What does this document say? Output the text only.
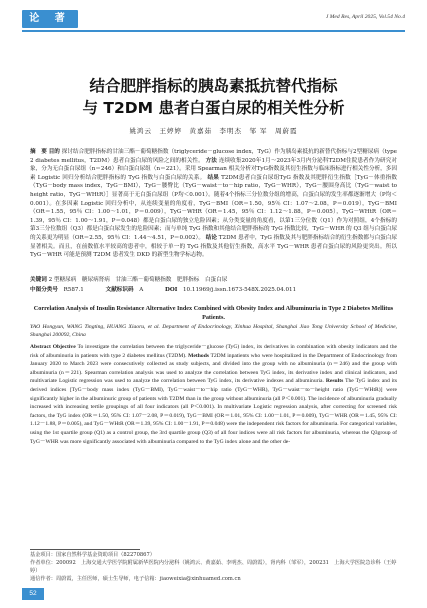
论 著	J Med Res, April 2025, Vol.54 No.4
结合肥胖指标的胰岛素抵抗替代指标
与 T2DM 患者白蛋白尿的相关性分析
姚鸿云　王婷婷　黄嘉茹　李明杰　邹 军　周蔚霞
摘　要 目的 探讨结合肥胖指标的甘油三酯－葡萄糖指数（triglyceride－glucose index，TyG）作为胰岛素抵抗的新替代指标与2型糖尿病（type 2 diabetes mellitus，T2DM）患者白蛋白尿的风险之间的相关性。 方法 连续收集2020年1月～2023年3月内分泌科T2DM住院患者作为研究对象，分为无白蛋白尿组（n＝246）和白蛋白尿组（n＝221）。采用 Spearman 相关分析对TyG指数及其衍生指数与临床指标进行相关性分析，多因素 Logistic 回归分析结合肥胖指标的 TyG 指数与白蛋白尿的关系。 结果 T2DM患者白蛋白尿组TyG 指数及其肥胖衍生指数［TyG－体重指数（TyG－body mass index，TyG－BMI），TyG－腰臀比（TyG－waist－to－hip ratio，TyG－WHR），TyG－腰围身高比（TyG－waist to height ratio，TyG－WHtR）］显著高于无白蛋白尿组（P均＜0.001）。随着4个指标三分位数分组的增高，白蛋白尿的发生率都逐渐增大（P均＜0.001）。在多因素 Logistic 回归分析中，从连续变量的角度看，TyG－BMI（OR＝1.50，95％ CI：1.07～2.08，P＝0.019），TyG－BMI（OR＝1.55，95％ CI：1.00～1.01，P＝0.009），TyG－WHR（OR＝1.45，95％ CI：1.12～1.88，P＝0.005），TyG－WHtR（OR＝1.39，95％ CI：1.00～1.91，P＝0.048）都是白蛋白尿的独立危险因素；从分类变量的角度看，以第1三分位数（Q1）作为对照组，4个指标的第3三分位数组（Q3）都是白蛋白尿发生的危险因素；而与单纯 TyG 指数和其他结合肥胖指标的 TyG 指数比较，TyG－WHR 的 Q3 组与白蛋白尿的关系更为明显（OR＝2.55，95％ CI：1.44～4.51，P＝0.002）。 结论 T2DM 患者中，TyG 指数及其与肥胖指标结合的衍生指数都与白蛋白尿显著相关。而且，在前数值水平较高的患者中，相较于单一的 TyG 指数及其他衍生指数，高水平 TyG－WHR 患者白蛋白尿的风险更突出。所以 TyG－WHR 可能是预测 T2DM 患者发生 DKD 的新型生物学标志物。
关键词 2 型糖尿病　糖尿病肾病　甘油三酯－葡萄糖指数　肥胖指标　白蛋白尿
中图分类号　 R587.1	文献标识码　 A	DOI　 10.11969/j.issn.1673-548X.2025.04.011
Correlation Analysis of Insulin Resistance Alternative Index Combined with Obesity Index and Albuminuria in Type 2 Diabetes Mellitus Patients.
YAO Hongyun, WANG Tingting, HUANG Xiaoru, et al. Department of Endocrinology, Xinhua Hospital, Shanghai Jiao Tong University School of Medicine, Shanghai 200092, China
Abstract Objective To investigate the correlation between the triglyceride－glucose (TyG) index, its derivatives in combination with obesity indicators and the risk of albuminuria in patients with type 2 diabetes mellitus (T2DM). Methods T2DM inpatients who were hospitalized in the Department of Endocrinology from January 2020 to March 2023 were consecutively collected as study subjects, and divided into the group with no albuminuria (n＝246) and the group with albuminuria (n＝221). Spearman correlation analysis was used to analyze the correlation between TyG index, its derivative index and clinical indicators, and multivariate Logistic regression was used to analyze the correlation between TyG index, its derivative indexes and albuminuria. Results The TyG index and its derived indices [TyG－body mass index (TyG－BMI), TyG－waist－to－hip ratio (TyG－WHR), TyG－waist－to－height ratio (TyG－WHtR)] were significantly higher in the albuminuric group of patients with T2DM than in the group without albuminuria (all P＜0.001). The incidence of albuminuria gradually increased with increasing tertile groupings of all four indicators (all P＜0.001). In multivariate Logistic regression analysis, after correcting for screened risk factors, the TyG index (OR＝1.50, 95% CI: 1.07－2.08, P＝0.019), TyG－BMI (OR＝1.01, 95% CI: 1.00－1.01, P＝0.009), TyG－WHR (OR＝1.45, 95% CI: 1.12－1.88, P＝0.005), and TyG－WHtR (OR＝1.39, 95% CI: 1.00－1.91, P＝0.048) were the independent risk factors for albuminuria. For categorical variables, using the 1st quartile group (Q1) as a control group, the 3rd quartile group (Q3) of all four indices were all risk factors for albuminuria, whereas the Q3group of TyG－WHR was more significantly associated with albuminuria compared to the TyG index alone and the other de-
基金项目：国家自然科学基金资助项目（82270867）
作者单位：200092　上海交通大学医学院附属新华医院内分泌科（姚鸿云、黄嘉茹、李明杰、周蔚霞），肾内科（邹军），200231　上海大学医院急诊科（王婷婷）
通信作者：周蔚霞，主任医师，硕士生导师，电子信箱：jiaoweixia@xinhuamed.com.cn
52
